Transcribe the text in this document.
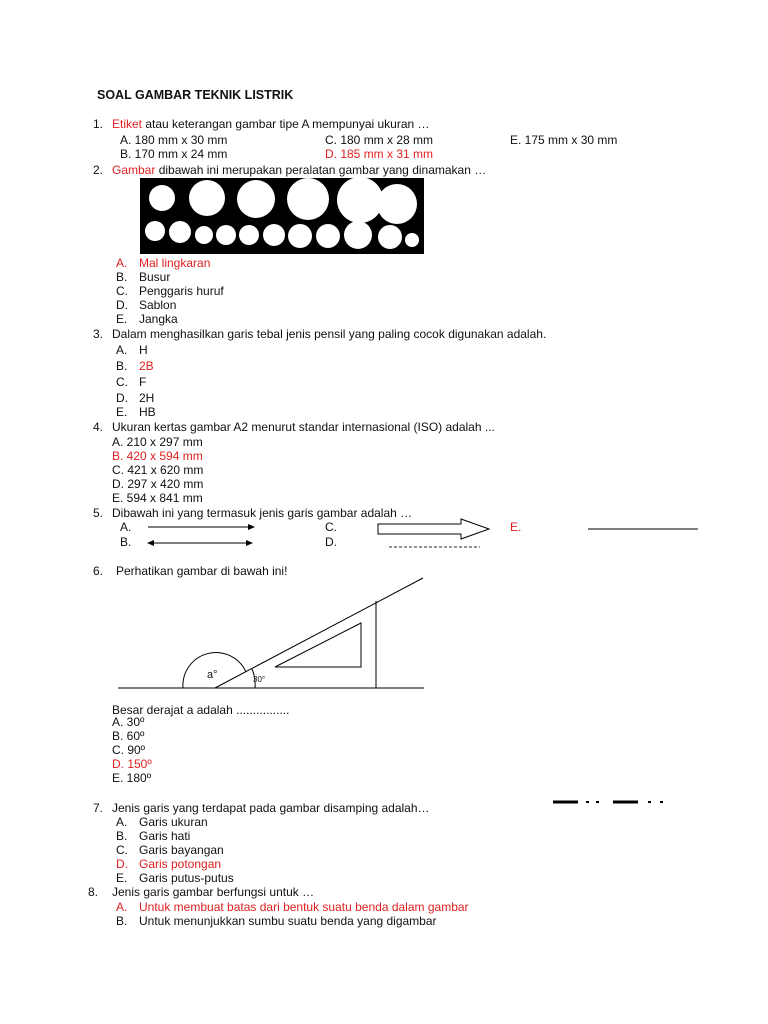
SOAL GAMBAR TEKNIK LISTRIK
1. Etiket atau keterangan gambar tipe A mempunyai ukuran …
A. 180 mm x 30 mm	C. 180 mm x 28 mm	E. 175 mm x 30 mm
B. 170 mm x 24 mm	D. 185 mm x 31 mm
2. Gambar dibawah ini merupakan peralatan gambar yang dinamakan …
A. Mal lingkaran
B. Busur
C. Penggaris huruf
D. Sablon
E. Jangka
3. Dalam menghasilkan garis tebal jenis pensil yang paling cocok digunakan adalah.
A. H
B. 2B
C. F
D. 2H
E. HB
4. Ukuran kertas gambar A2 menurut standar internasional (ISO) adalah ...
A. 210 x 297 mm
B. 420 x 594 mm
C. 421 x 620 mm
D. 297 x 420 mm
E. 594 x 841 mm
5. Dibawah ini yang termasuk jenis garis gambar adalah …
A.
B.
C.
D.
E.
6. Perhatikan gambar di bawah ini!
a°	30°
Besar derajat a adalah ................
A. 30º
B. 60º
C. 90º
D. 150º
E. 180º
7. Jenis garis yang terdapat pada gambar disamping adalah…
A. Garis ukuran
B. Garis hati
C. Garis bayangan
D. Garis potongan
E. Garis putus-putus
8. Jenis garis gambar berfungsi untuk …
A. Untuk membuat batas dari bentuk suatu benda dalam gambar
B. Untuk menunjukkan sumbu suatu benda yang digambar
